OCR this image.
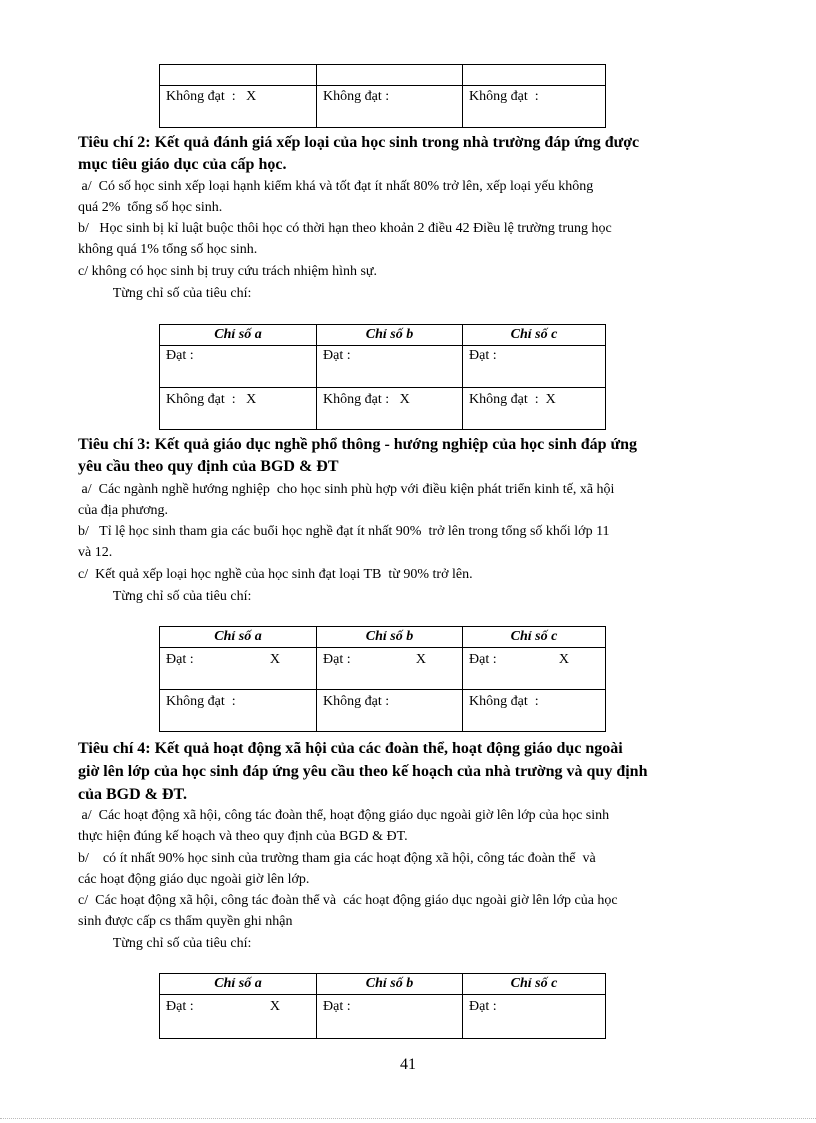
Không đạt  :   X	Không đạt :	Không đạt  :
Tiêu chí 2: Kết quả đánh giá xếp loại của học sinh trong nhà trường đáp ứng được
mục tiêu giáo dục của cấp học.
a/  Có số học sinh xếp loại hạnh kiểm khá và tốt đạt ít nhất 80% trở lên, xếp loại yếu không
quá 2%  tổng số học sinh.
b/   Học sinh bị kỉ luật buộc thôi học có thời hạn theo khoản 2 điều 42 Điều lệ trường trung học
không quá 1% tổng số học sinh.
c/ không có học sinh bị truy cứu trách nhiệm hình sự.
Từng chỉ số của tiêu chí:
Chỉ số a	Chỉ số b	Chỉ số c

Đạt :	Đạt :	Đạt :

Không đạt  : X	Không đạt : X	Không đạt  : X
Tiêu chí 3: Kết quả giáo dục nghề phổ thông - hướng nghiệp của học sinh đáp ứng
yêu cầu theo quy định của BGD & ĐT
a/  Các ngành nghề hướng nghiệp  cho học sinh phù hợp với điều kiện phát triển kinh tế, xã hội
của địa phương.
b/   Tỉ lệ học sinh tham gia các buổi học nghề đạt ít nhất 90%  trở lên trong tổng số khối lớp 11
và 12.
c/  Kết quả xếp loại học nghề của học sinh đạt loại TB  từ 90% trở lên.
Từng chỉ số của tiêu chí:
Chỉ số a	Chỉ số b	Chỉ số c

Đạt : X	Đạt : X	Đạt : X

Không đạt  :	Không đạt :	Không đạt  :
Tiêu chí 4: Kết quả hoạt động xã hội của các đoàn thể, hoạt động giáo dục ngoài
giờ lên lớp của học sinh đáp ứng yêu cầu theo kế hoạch của nhà trường và quy định
của BGD & ĐT.
a/  Các hoạt động xã hội, công tác đoàn thể, hoạt động giáo dục ngoài giờ lên lớp của học sinh
thực hiện đúng kế hoạch và theo quy định của BGD & ĐT.
b/    có ít nhất 90% học sinh của trường tham gia các hoạt động xã hội, công tác đoàn thể  và
các hoạt động giáo dục ngoài giờ lên lớp.
c/  Các hoạt động xã hội, công tác đoàn thể và  các hoạt động giáo dục ngoài giờ lên lớp của học
sinh được cấp cs thẩm quyền ghi nhận
Từng chỉ số của tiêu chí:
Chỉ số a	Chỉ số b	Chỉ số c

Đạt : X	Đạt :	Đạt :
41
